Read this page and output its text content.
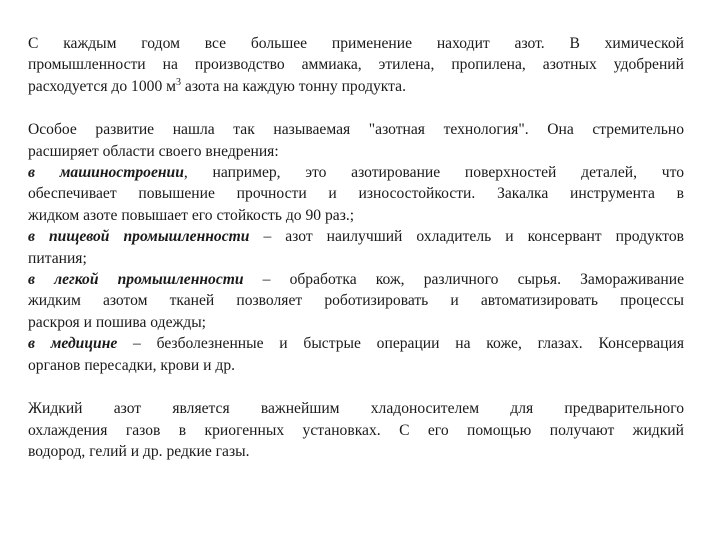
С каждым годом все большее применение находит азот. В химической
промышленности на производство аммиака, этилена, пропилена, азотных удобрений
расходуется до 1000 $м^3$ азота на каждую тонну продукта.
Особое развитие нашла так называемая "азотная технология". Она стремительно
расширяет области своего внедрения:
в машиностроении, например, это азотирование поверхностей деталей, что
обеспечивает повышение прочности и износостойкости. Закалка инструмента в
жидком азоте повышает его стойкость до 90 раз.;
в пищевой промышленности – азот наилучший охладитель и консервант продуктов
питания;
в легкой промышленности – обработка кож, различного сырья. Замораживание
жидким азотом тканей позволяет роботизировать и автоматизировать процессы
раскроя и пошива одежды;
в медицине – безболезненные и быстрые операции на коже, глазах. Консервация
органов пересадки, крови и др.
Жидкий азот является важнейшим хладоносителем для предварительного
охлаждения газов в криогенных установках. С его помощью получают жидкий
водород, гелий и др. редкие газы.
